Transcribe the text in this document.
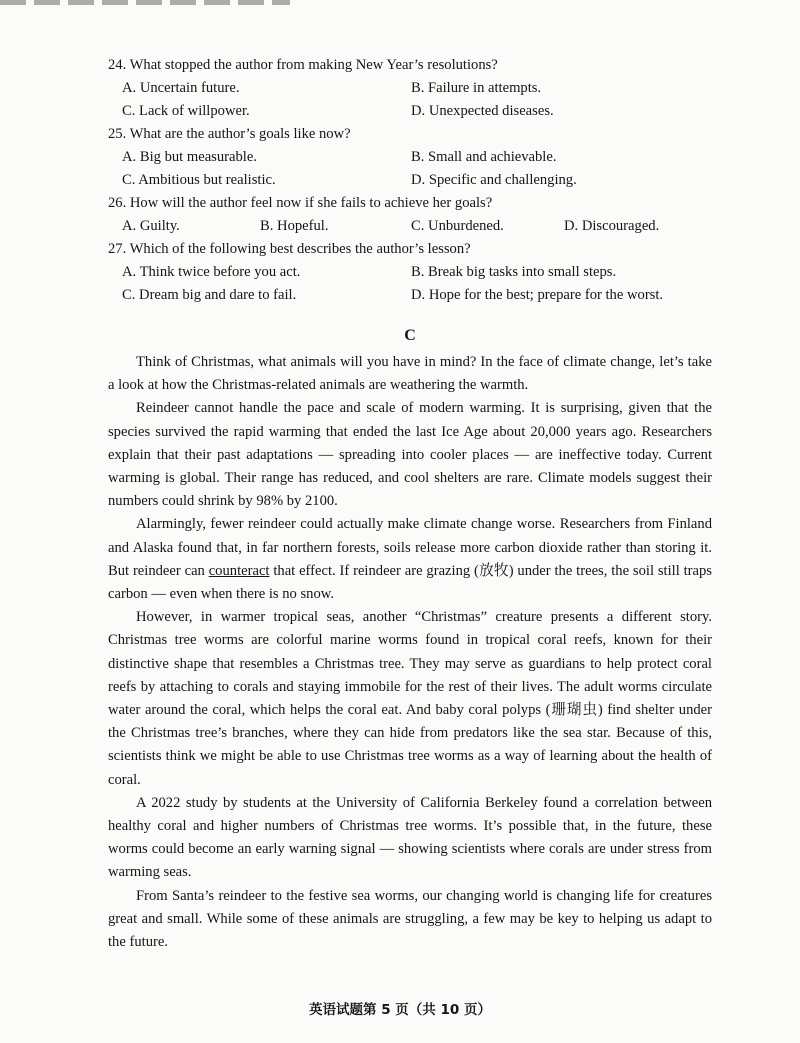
24. What stopped the author from making New Year’s resolutions?

A. Uncertain future.	B. Failure in attempts.
C. Lack of willpower.	D. Unexpected diseases.

25. What are the author’s goals like now?

A. Big but measurable.	B. Small and achievable.
C. Ambitious but realistic.	D. Specific and challenging.

26. How will the author feel now if she fails to achieve her goals?

A. Guilty.	B. Hopeful.	C. Unburdened.	D. Discouraged.

27. Which of the following best describes the author’s lesson?

A. Think twice before you act.	B. Break big tasks into small steps.
C. Dream big and dare to fail.	D. Hope for the best; prepare for the worst.
C

Think of Christmas, what animals will you have in mind? In the face of climate change, let’s take a look at how the Christmas-related animals are weathering the warmth.

Reindeer cannot handle the pace and scale of modern warming. It is surprising, given that the species survived the rapid warming that ended the last Ice Age about 20,000 years ago. Researchers explain that their past adaptations — spreading into cooler places — are ineffective today. Current warming is global. Their range has reduced, and cool shelters are rare. Climate models suggest their numbers could shrink by 98% by 2100.

Alarmingly, fewer reindeer could actually make climate change worse. Researchers from Finland and Alaska found that, in far northern forests, soils release more carbon dioxide rather than storing it. But reindeer can counteract that effect. If reindeer are grazing (放牧) under the trees, the soil still traps carbon — even when there is no snow.

However, in warmer tropical seas, another “Christmas” creature presents a different story. Christmas tree worms are colorful marine worms found in tropical coral reefs, known for their distinctive shape that resembles a Christmas tree. They may serve as guardians to help protect coral reefs by attaching to corals and staying immobile for the rest of their lives. The adult worms circulate water around the coral, which helps the coral eat. And baby coral polyps (珊瑚虫) find shelter under the Christmas tree’s branches, where they can hide from predators like the sea star. Because of this, scientists think we might be able to use Christmas tree worms as a way of learning about the health of coral.

A 2022 study by students at the University of California Berkeley found a correlation between healthy coral and higher numbers of Christmas tree worms. It’s possible that, in the future, these worms could become an early warning signal — showing scientists where corals are under stress from warming seas.

From Santa’s reindeer to the festive sea worms, our changing world is changing life for creatures great and small. While some of these animals are struggling, a few may be key to helping us adapt to the future.

英语试题第 5 页（共 10 页）
